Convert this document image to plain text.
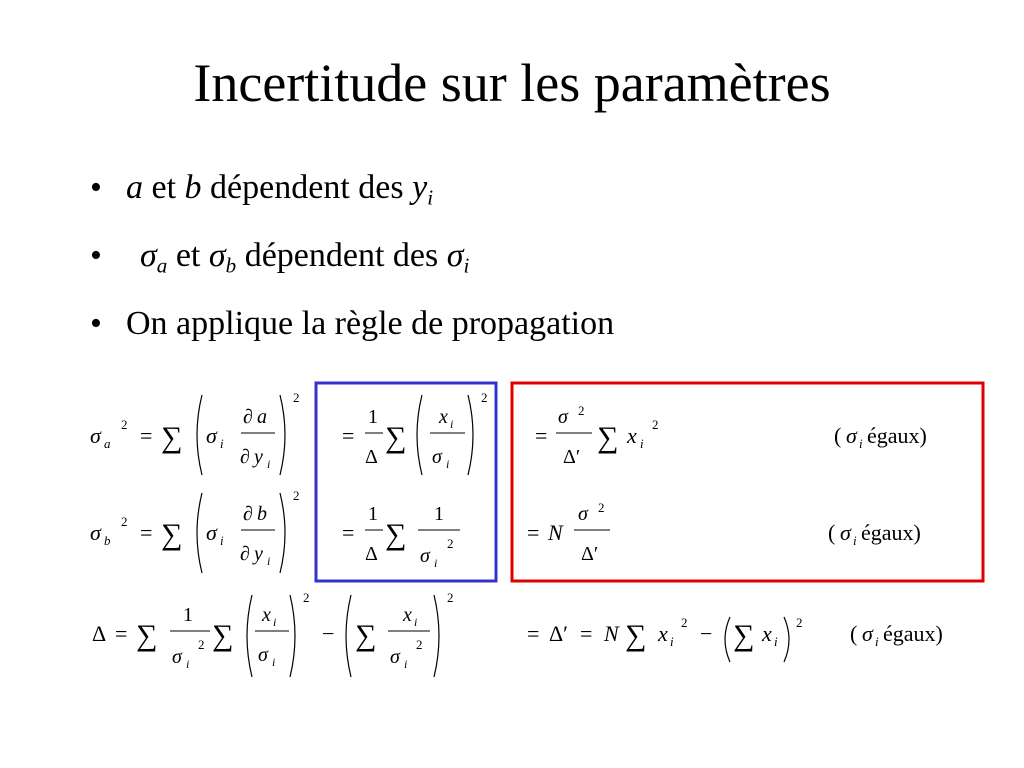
Incertitude sur les paramètres
• a et b dépendent des $y_i$
• $\sigma_a$ et $\sigma_b$ dépendent des $\sigma_i$
• On applique la règle de propagation
σ a
2 = ∑ σ i
∂ a
∂ y i
2
=
1
Δ
∑
x i
σ i
2
=
σ 2
Δ′
∑ x i
2	( σ i égaux)
σ b
2 = ∑ σ i
∂ b
∂ y i
2
=
1
Δ
∑
1
σ i
2	= N
σ 2
Δ′
( σ i égaux)
Δ = ∑
1
σ i
2 ∑
x i
σ i
2
− ∑
x i
σ i
2
2
= Δ′ = N ∑ x i
2 − ∑ x i
2 ( σ i égaux)
